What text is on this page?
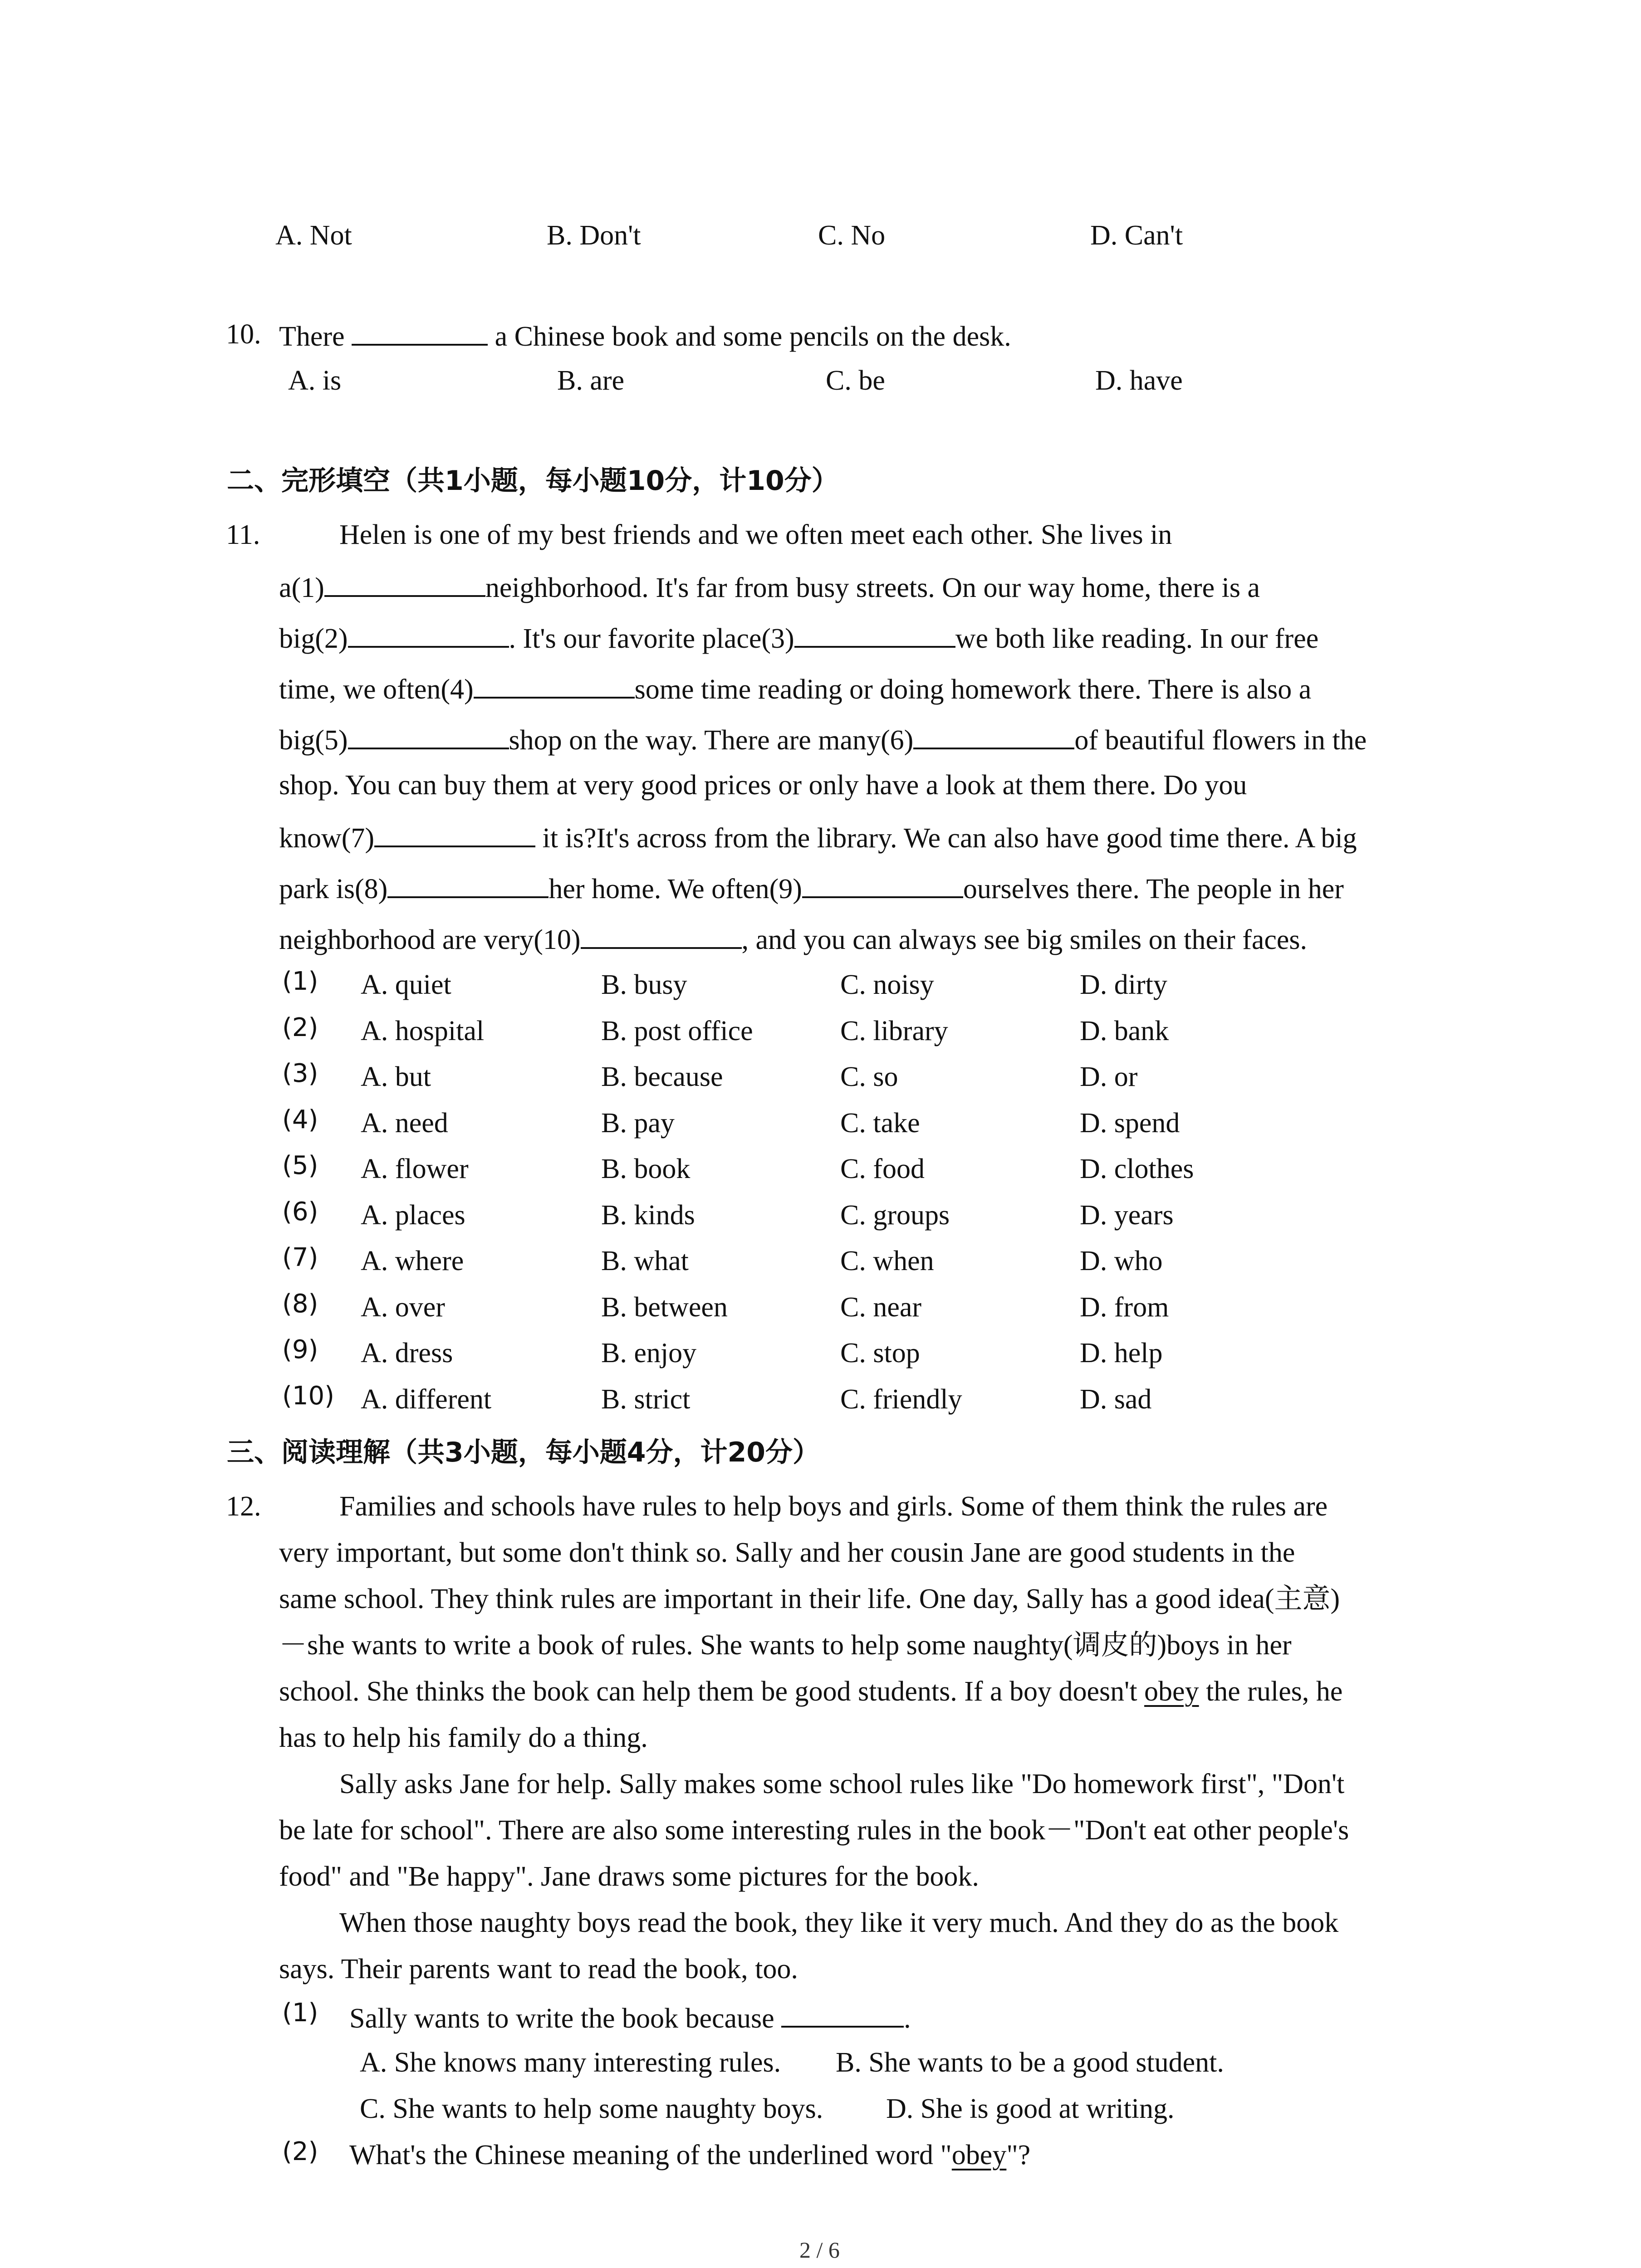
A. Not	B. Don't	C. No	D. Can't
10. There	a Chinese book and some pencils on the desk.
A. is	B. are	C. be	D. have
二、完形填空（共1小题，每小题10分，计10分）
11.	Helen is one of my best friends and we often meet each other. She lives in
a(1)	neighborhood. It's far from busy streets. On our way home, there is a
big(2)	. It's our favorite place(3)	we both like reading. In our free
time, we often(4)	some time reading or doing homework there. There is also a
big(5)	shop on the way. There are many(6)	of beautiful flowers in the
shop. You can buy them at very good prices or only have a look at them there. Do you
know(7)	it is?It's across from the library. We can also have good time there. A big
park is(8)	her home. We often(9)	ourselves there. The people in her
neighborhood are very(10)	, and you can always see big smiles on their faces.
(1) A. quiet	B. busy	C. noisy	D. dirty
(2) A. hospital	B. post office	C. library	D. bank
(3) A. but	B. because	C. so	D. or
(4) A. need	B. pay	C. take	D. spend
(5) A. flower	B. book	C. food	D. clothes
(6) A. places	B. kinds	C. groups	D. years
(7) A. where	B. what	C. when	D. who
(8) A. over	B. between	C. near	D. from
(9) A. dress	B. enjoy	C. stop	D. help
(10) A. different	B. strict	C. friendly	D. sad
三、阅读理解（共3小题，每小题4分，计20分）
12.	Families and schools have rules to help boys and girls. Some of them think the rules are
very important, but some don't think so. Sally and her cousin Jane are good students in the
same school. They think rules are important in their life. One day, Sally has a good idea(主意)
－she wants to write a book of rules. She wants to help some naughty(调皮的)boys in her
school. She thinks the book can help them be good students. If a boy doesn't obey the rules, he
has to help his family do a thing.
Sally asks Jane for help. Sally makes some school rules like "Do homework first", "Don't
be late for school". There are also some interesting rules in the book－"Don't eat other people's
food" and "Be happy". Jane draws some pictures for the book.
When those naughty boys read the book, they like it very much. And they do as the book
says. Their parents want to read the book, too.
(1) Sally wants to write the book because	.
A. She knows many interesting rules. B. She wants to be a good student.
C. She wants to help some naughty boys. D. She is good at writing.
(2) What's the Chinese meaning of the underlined word "obey"?
2 / 6
